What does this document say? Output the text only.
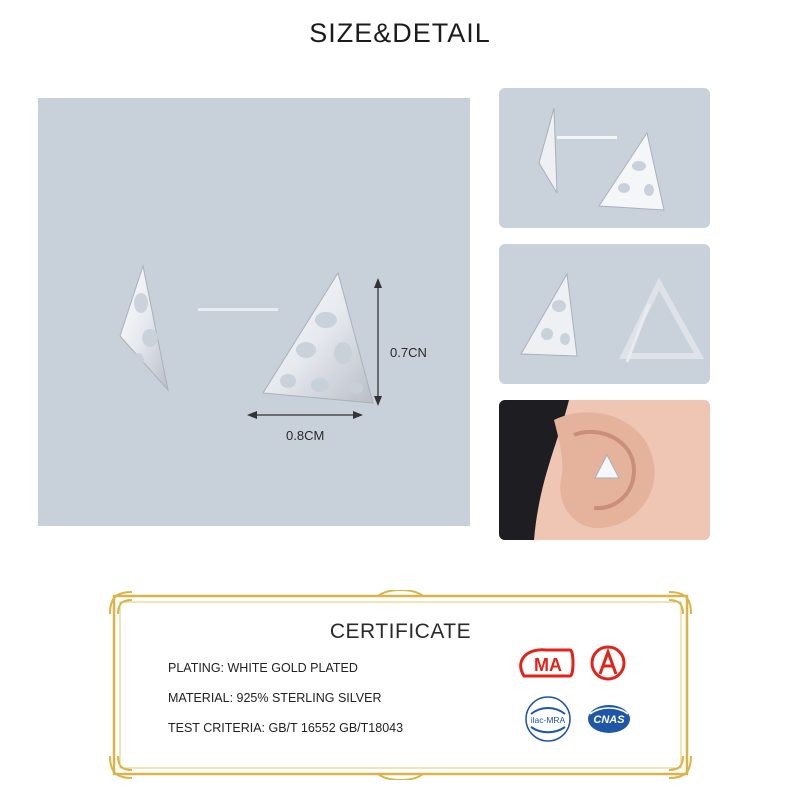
SIZE&DETAIL
0.7CN
0.8CM
CERTIFICATE
PLATING: WHITE GOLD PLATED
MATERIAL: 925% STERLING SILVER
TEST CRITERIA: GB/T 16552 GB/T18043
MA
ilac-MRA	CNAS
